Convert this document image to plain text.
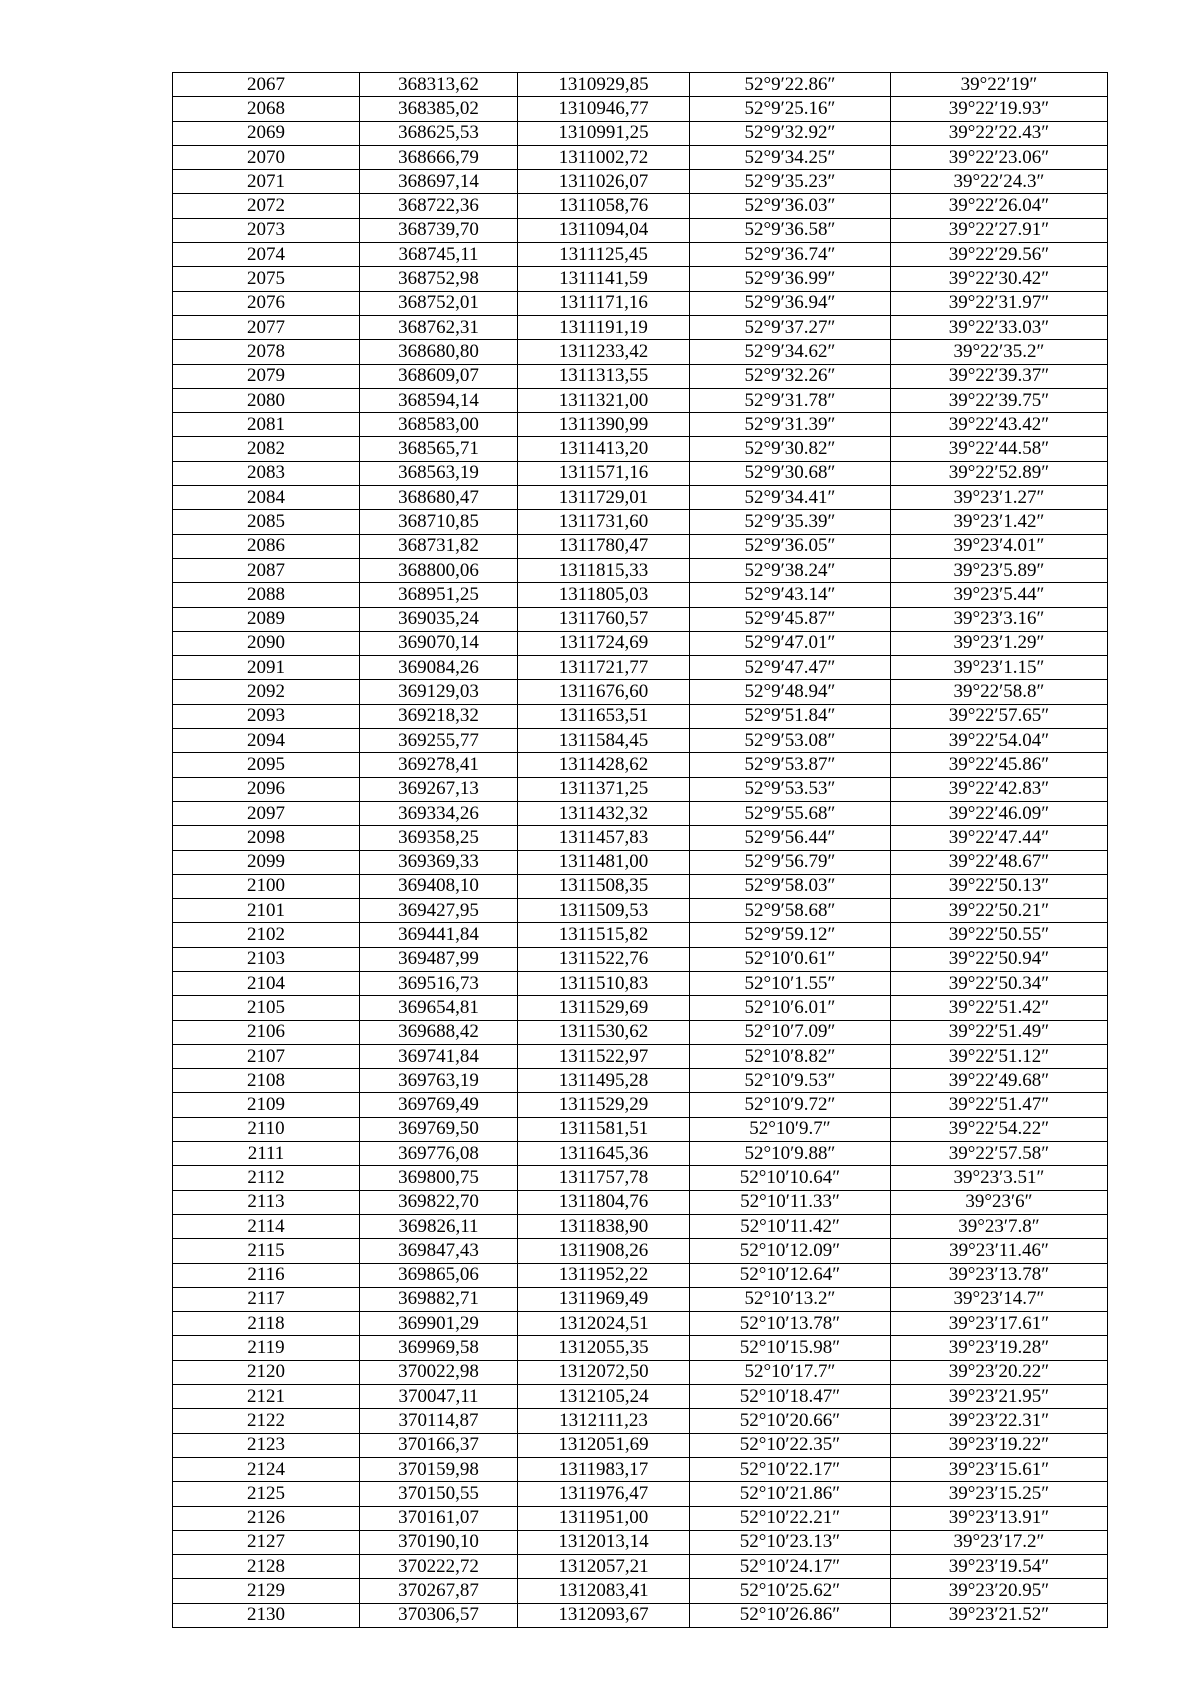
2067	368313,62	1310929,85	52°9′22.86″	39°22′19″
2068	368385,02	1310946,77	52°9′25.16″	39°22′19.93″
2069	368625,53	1310991,25	52°9′32.92″	39°22′22.43″
2070	368666,79	1311002,72	52°9′34.25″	39°22′23.06″
2071	368697,14	1311026,07	52°9′35.23″	39°22′24.3″
2072	368722,36	1311058,76	52°9′36.03″	39°22′26.04″
2073	368739,70	1311094,04	52°9′36.58″	39°22′27.91″
2074	368745,11	1311125,45	52°9′36.74″	39°22′29.56″
2075	368752,98	1311141,59	52°9′36.99″	39°22′30.42″
2076	368752,01	1311171,16	52°9′36.94″	39°22′31.97″
2077	368762,31	1311191,19	52°9′37.27″	39°22′33.03″
2078	368680,80	1311233,42	52°9′34.62″	39°22′35.2″
2079	368609,07	1311313,55	52°9′32.26″	39°22′39.37″
2080	368594,14	1311321,00	52°9′31.78″	39°22′39.75″
2081	368583,00	1311390,99	52°9′31.39″	39°22′43.42″
2082	368565,71	1311413,20	52°9′30.82″	39°22′44.58″
2083	368563,19	1311571,16	52°9′30.68″	39°22′52.89″
2084	368680,47	1311729,01	52°9′34.41″	39°23′1.27″
2085	368710,85	1311731,60	52°9′35.39″	39°23′1.42″
2086	368731,82	1311780,47	52°9′36.05″	39°23′4.01″
2087	368800,06	1311815,33	52°9′38.24″	39°23′5.89″
2088	368951,25	1311805,03	52°9′43.14″	39°23′5.44″
2089	369035,24	1311760,57	52°9′45.87″	39°23′3.16″
2090	369070,14	1311724,69	52°9′47.01″	39°23′1.29″
2091	369084,26	1311721,77	52°9′47.47″	39°23′1.15″
2092	369129,03	1311676,60	52°9′48.94″	39°22′58.8″
2093	369218,32	1311653,51	52°9′51.84″	39°22′57.65″
2094	369255,77	1311584,45	52°9′53.08″	39°22′54.04″
2095	369278,41	1311428,62	52°9′53.87″	39°22′45.86″
2096	369267,13	1311371,25	52°9′53.53″	39°22′42.83″
2097	369334,26	1311432,32	52°9′55.68″	39°22′46.09″
2098	369358,25	1311457,83	52°9′56.44″	39°22′47.44″
2099	369369,33	1311481,00	52°9′56.79″	39°22′48.67″
2100	369408,10	1311508,35	52°9′58.03″	39°22′50.13″
2101	369427,95	1311509,53	52°9′58.68″	39°22′50.21″
2102	369441,84	1311515,82	52°9′59.12″	39°22′50.55″
2103	369487,99	1311522,76	52°10′0.61″	39°22′50.94″
2104	369516,73	1311510,83	52°10′1.55″	39°22′50.34″
2105	369654,81	1311529,69	52°10′6.01″	39°22′51.42″
2106	369688,42	1311530,62	52°10′7.09″	39°22′51.49″
2107	369741,84	1311522,97	52°10′8.82″	39°22′51.12″
2108	369763,19	1311495,28	52°10′9.53″	39°22′49.68″
2109	369769,49	1311529,29	52°10′9.72″	39°22′51.47″
2110	369769,50	1311581,51	52°10′9.7″	39°22′54.22″
2111	369776,08	1311645,36	52°10′9.88″	39°22′57.58″
2112	369800,75	1311757,78	52°10′10.64″	39°23′3.51″
2113	369822,70	1311804,76	52°10′11.33″	39°23′6″
2114	369826,11	1311838,90	52°10′11.42″	39°23′7.8″
2115	369847,43	1311908,26	52°10′12.09″	39°23′11.46″
2116	369865,06	1311952,22	52°10′12.64″	39°23′13.78″
2117	369882,71	1311969,49	52°10′13.2″	39°23′14.7″
2118	369901,29	1312024,51	52°10′13.78″	39°23′17.61″
2119	369969,58	1312055,35	52°10′15.98″	39°23′19.28″
2120	370022,98	1312072,50	52°10′17.7″	39°23′20.22″
2121	370047,11	1312105,24	52°10′18.47″	39°23′21.95″
2122	370114,87	1312111,23	52°10′20.66″	39°23′22.31″
2123	370166,37	1312051,69	52°10′22.35″	39°23′19.22″
2124	370159,98	1311983,17	52°10′22.17″	39°23′15.61″
2125	370150,55	1311976,47	52°10′21.86″	39°23′15.25″
2126	370161,07	1311951,00	52°10′22.21″	39°23′13.91″
2127	370190,10	1312013,14	52°10′23.13″	39°23′17.2″
2128	370222,72	1312057,21	52°10′24.17″	39°23′19.54″
2129	370267,87	1312083,41	52°10′25.62″	39°23′20.95″
2130	370306,57	1312093,67	52°10′26.86″	39°23′21.52″
